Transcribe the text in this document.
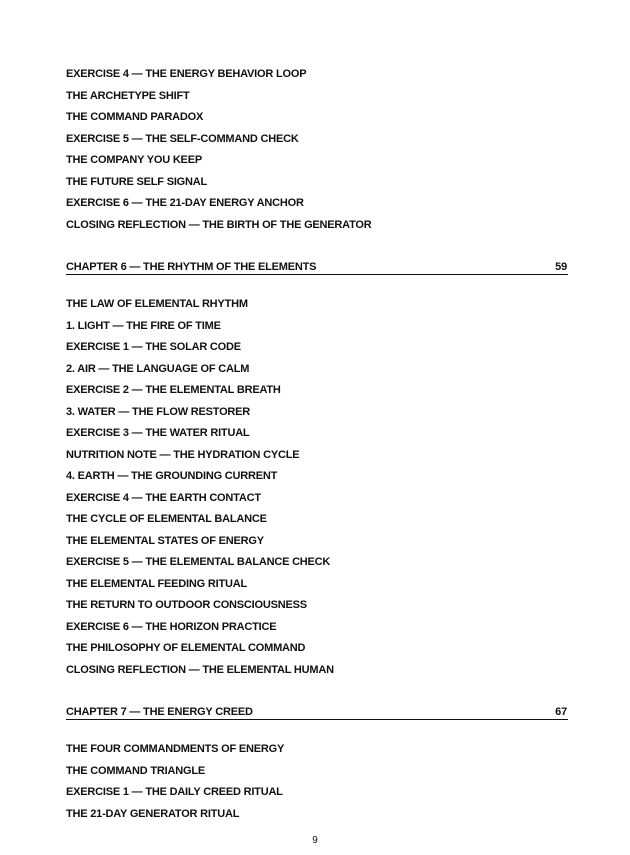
EXERCISE 4 — THE ENERGY BEHAVIOR LOOP
THE ARCHETYPE SHIFT
THE COMMAND PARADOX
EXERCISE 5 — THE SELF-COMMAND CHECK
THE COMPANY YOU KEEP
THE FUTURE SELF SIGNAL
EXERCISE 6 — THE 21-DAY ENERGY ANCHOR
CLOSING REFLECTION — THE BIRTH OF THE GENERATOR
CHAPTER 6 — THE RHYTHM OF THE ELEMENTS	59
THE LAW OF ELEMENTAL RHYTHM
1. LIGHT — THE FIRE OF TIME
EXERCISE 1 — THE SOLAR CODE
2. AIR — THE LANGUAGE OF CALM
EXERCISE 2 — THE ELEMENTAL BREATH
3. WATER — THE FLOW RESTORER
EXERCISE 3 — THE WATER RITUAL
NUTRITION NOTE — THE HYDRATION CYCLE
4. EARTH — THE GROUNDING CURRENT
EXERCISE 4 — THE EARTH CONTACT
THE CYCLE OF ELEMENTAL BALANCE
THE ELEMENTAL STATES OF ENERGY
EXERCISE 5 — THE ELEMENTAL BALANCE CHECK
THE ELEMENTAL FEEDING RITUAL
THE RETURN TO OUTDOOR CONSCIOUSNESS
EXERCISE 6 — THE HORIZON PRACTICE
THE PHILOSOPHY OF ELEMENTAL COMMAND
CLOSING REFLECTION — THE ELEMENTAL HUMAN
CHAPTER 7 — THE ENERGY CREED	67
THE FOUR COMMANDMENTS OF ENERGY
THE COMMAND TRIANGLE
EXERCISE 1 — THE DAILY CREED RITUAL
THE 21-DAY GENERATOR RITUAL
9
